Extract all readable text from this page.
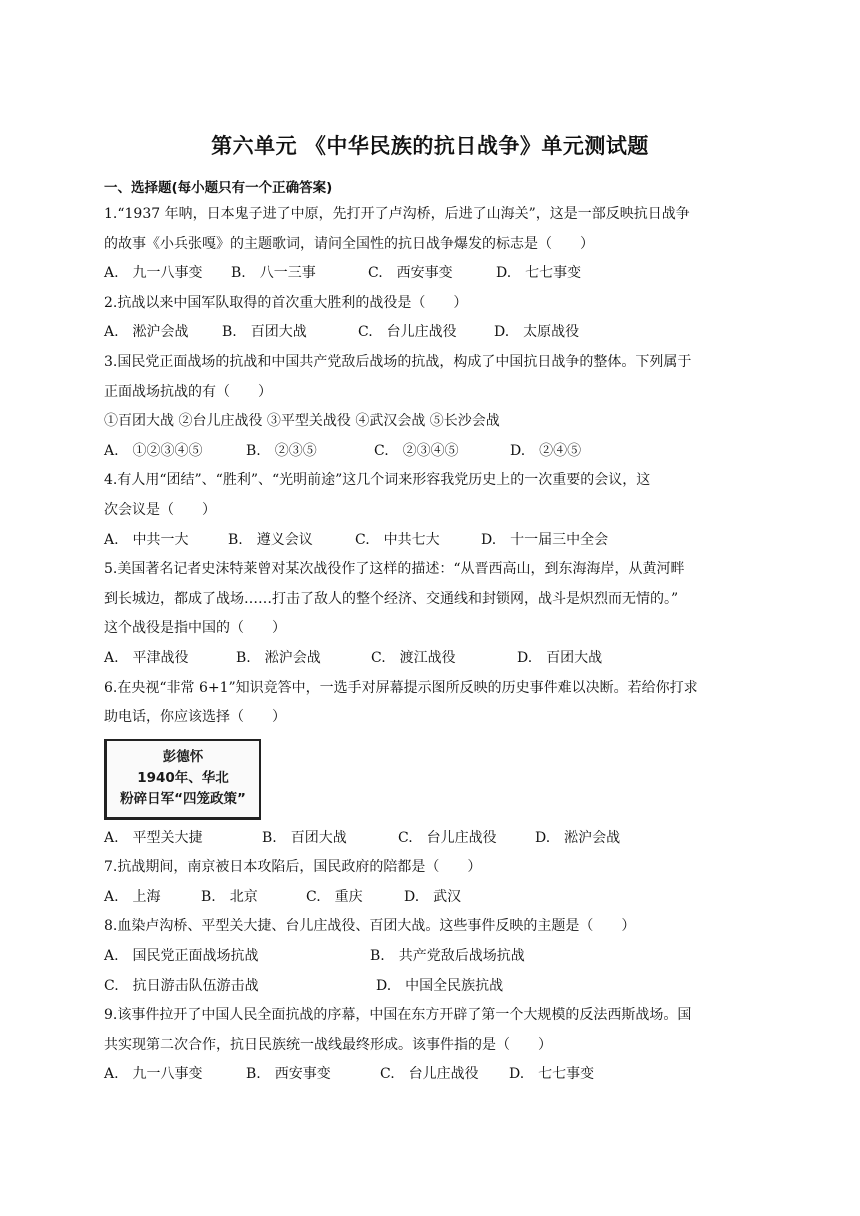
第六单元 《中华民族的抗日战争》单元测试题
一、选择题(每小题只有一个正确答案)
1.“1937 年呐，日本鬼子进了中原，先打开了卢沟桥，后进了山海关”，这是一部反映抗日战争
的故事《小兵张嘎》的主题歌词，请问全国性的抗日战争爆发的标志是（　　）
A.　九一八事变	B.　八一三事	C.　西安事变	D.　七七事变
2.抗战以来中国军队取得的首次重大胜利的战役是（　　）
A.　淞沪会战	B.　百团大战	C.　台儿庄战役	D.　太原战役
3.国民党正面战场的抗战和中国共产党敌后战场的抗战，构成了中国抗日战争的整体。下列属于
正面战场抗战的有（　　）
①百团大战 ②台儿庄战役 ③平型关战役 ④武汉会战 ⑤长沙会战
A.　①②③④⑤	B.　②③⑤	C.　②③④⑤	D.　②④⑤
4.有人用“团结”、“胜利”、“光明前途”这几个词来形容我党历史上的一次重要的会议，这
次会议是（　　）
A.　中共一大	B.　遵义会议	C.　中共七大	D.　十一届三中全会
5.美国著名记者史沫特莱曾对某次战役作了这样的描述：“从晋西高山，到东海海岸，从黄河畔
到长城边，都成了战场……打击了敌人的整个经济、交通线和封锁网，战斗是炽烈而无情的。”
这个战役是指中国的（　　）
A.　平津战役	B.　淞沪会战	C.　渡江战役	D.　百团大战
6.在央视“非常 6+1”知识竞答中，一选手对屏幕提示图所反映的历史事件难以决断。若给你打求
助电话，你应该选择（　　）
彭德怀
1940年、华北
粉碎日军“四笼政策”
A.　平型关大捷	B.　百团大战	C.　台儿庄战役	D.　淞沪会战
7.抗战期间，南京被日本攻陷后，国民政府的陪都是（　　）
A.　上海	B.　北京	C.　重庆	D.　武汉
8.血染卢沟桥、平型关大捷、台儿庄战役、百团大战。这些事件反映的主题是（　　）
A.　国民党正面战场抗战	B.　共产党敌后战场抗战
C.　抗日游击队伍游击战	D.　中国全民族抗战
9.该事件拉开了中国人民全面抗战的序幕，中国在东方开辟了第一个大规模的反法西斯战场。国
共实现第二次合作，抗日民族统一战线最终形成。该事件指的是（　　）
A.　九一八事变	B.　西安事变	C.　台儿庄战役	D.　七七事变
